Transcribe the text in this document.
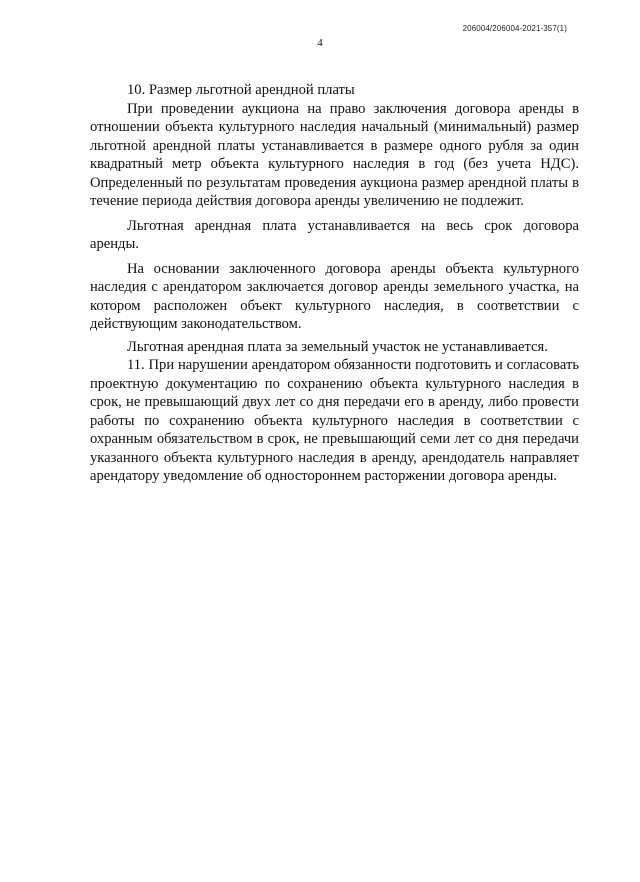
206004/206004-2021-357(1)
4

10. Размер льготной арендной платы

При проведении аукциона на право заключения договора аренды в отношении объекта культурного наследия начальный (минимальный) размер льготной арендной платы устанавливается в размере одного рубля за один квадратный метр объекта культурного наследия в год (без учета НДС). Определенный по результатам проведения аукциона размер арендной платы в течение периода действия договора аренды увеличению не подлежит.

Льготная арендная плата устанавливается на весь срок договора аренды.

На основании заключенного договора аренды объекта культурного наследия с арендатором заключается договор аренды земельного участка, на котором расположен объект культурного наследия, в соответствии с действующим законодательством.

Льготная арендная плата за земельный участок не устанавливается.

11. При нарушении арендатором обязанности подготовить и согласовать проектную документацию по сохранению объекта культурного наследия в срок, не превышающий двух лет со дня передачи его в аренду, либо провести работы по сохранению объекта культурного наследия в соответствии с охранным обязательством в срок, не превышающий семи лет со дня передачи указанного объекта культурного наследия в аренду, арендодатель направляет арендатору уведомление об одностороннем расторжении договора аренды.
